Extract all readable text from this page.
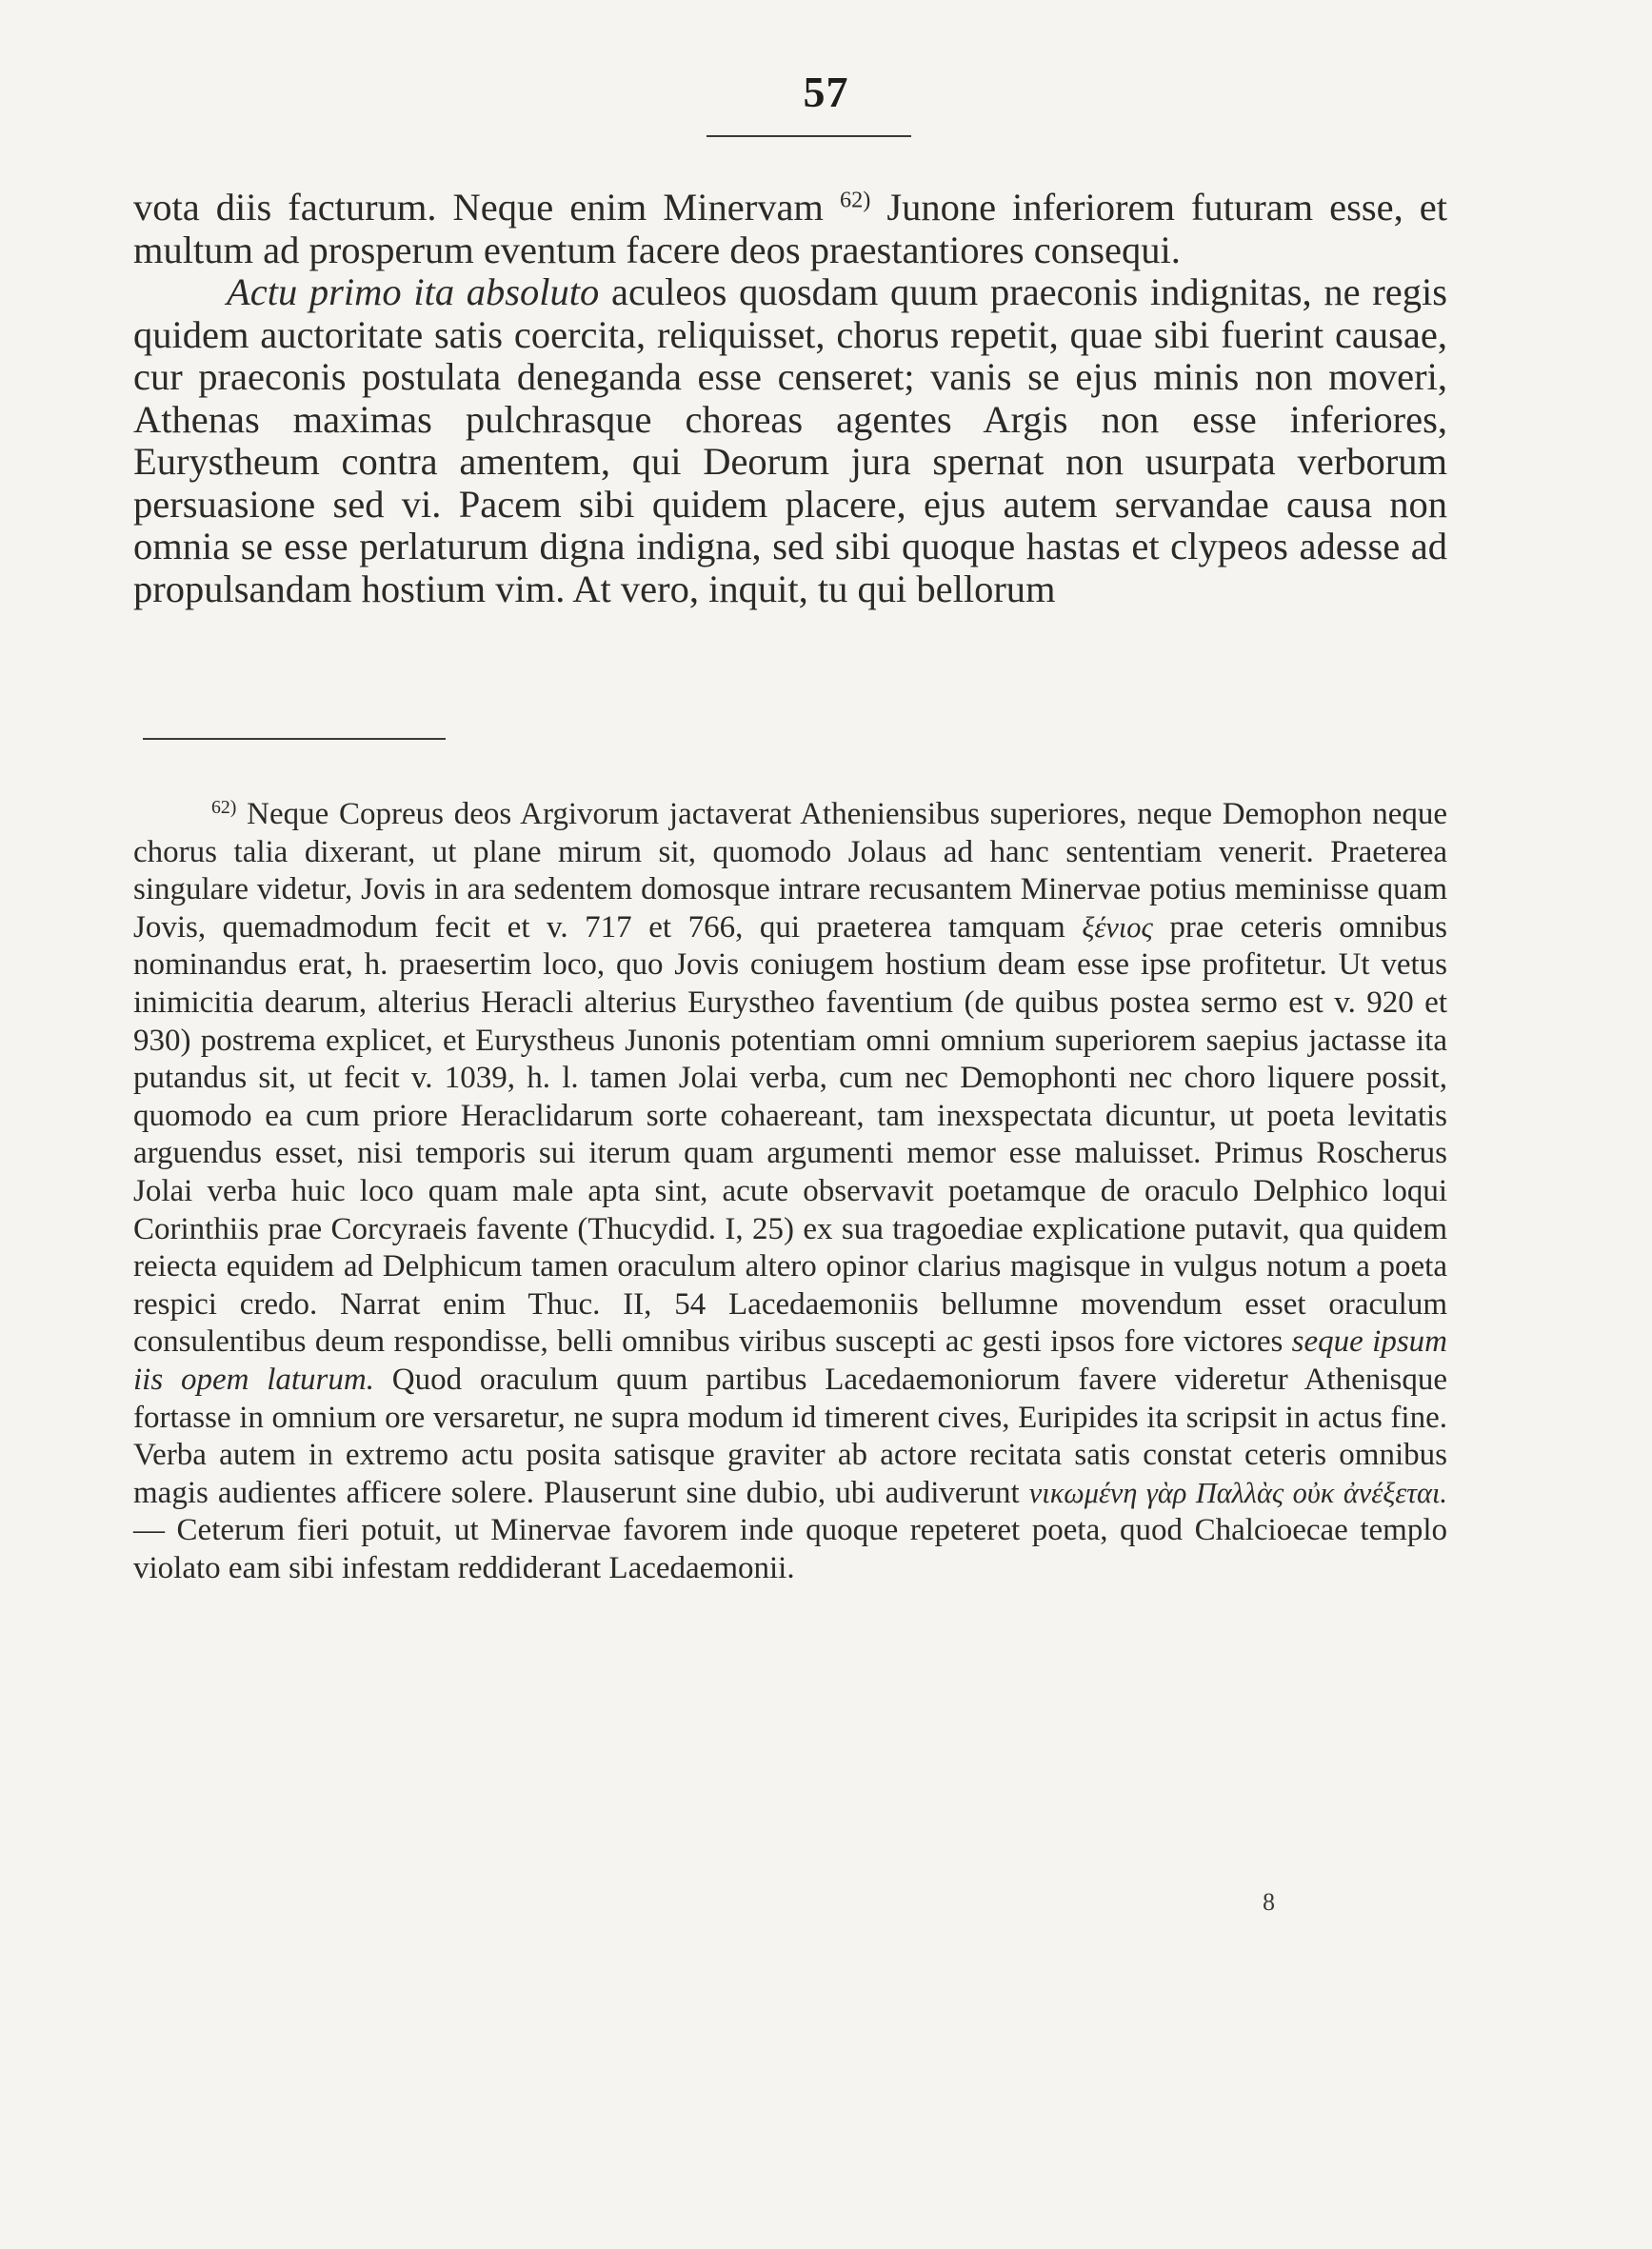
57

vota diis facturum. Neque enim Minervam $^{62)}$ Junone inferiorem futuram esse, et multum ad prosperum eventum facere deos praestantiores consequi.

Actu primo ita absoluto aculeos quosdam quum praeconis indignitas, ne regis quidem auctoritate satis coercita, reliquisset, chorus repetit, quae sibi fuerint causae, cur praeconis postulata deneganda esse censeret; vanis se ejus minis non moveri, Athenas maximas pulchrasque choreas agentes Argis non esse inferiores, Eurystheum contra amentem, qui Deorum jura spernat non usurpata verborum persuasione sed vi. Pacem sibi quidem placere, ejus autem servandae causa non omnia se esse perlaturum digna indigna, sed sibi quoque hastas et clypeos adesse ad propulsandam hostium vim. At vero, inquit, tu qui bellorum

$^{62)}$ Neque Copreus deos Argivorum jactaverat Atheniensibus superiores, neque Demophon neque chorus talia dixerant, ut plane mirum sit, quomodo Jolaus ad hanc sententiam venerit. Praeterea singulare videtur, Jovis in ara sedentem domosque intrare recusantem Minervae potius meminisse quam Jovis, quemadmodum fecit et v. 717 et 766, qui praeterea tamquam ξένιος prae ceteris omnibus nominandus erat, h. praesertim loco, quo Jovis coniugem hostium deam esse ipse profitetur. Ut vetus inimicitia dearum, alterius Heracli alterius Eurystheo faventium (de quibus postea sermo est v. 920 et 930) postrema explicet, et Eurystheus Junonis potentiam omni omnium superiorem saepius jactasse ita putandus sit, ut fecit v. 1039, h. l. tamen Jolai verba, cum nec Demophonti nec choro liquere possit, quomodo ea cum priore Heraclidarum sorte cohaereant, tam inexspectata dicuntur, ut poeta levitatis arguendus esset, nisi temporis sui iterum quam argumenti memor esse maluisset. Primus Roscherus Jolai verba huic loco quam male apta sint, acute observavit poetamque de oraculo Delphico loqui Corinthiis prae Corcyraeis favente (Thucydid. I, 25) ex sua tragoediae explicatione putavit, qua quidem reiecta equidem ad Delphicum tamen oraculum altero opinor clarius magisque in vulgus notum a poeta respici credo. Narrat enim Thuc. II, 54 Lacedaemoniis bellumne movendum esset oraculum consulentibus deum respondisse, belli omnibus viribus suscepti ac gesti ipsos fore victores seque ipsum iis opem laturum. Quod oraculum quum partibus Lacedaemoniorum favere videretur Athenisque fortasse in omnium ore versaretur, ne supra modum id timerent cives, Euripides ita scripsit in actus fine. Verba autem in extremo actu posita satisque graviter ab actore recitata satis constat ceteris omnibus magis audientes afficere solere. Plauserunt sine dubio, ubi audiverunt νικωμένη γὰρ Παλλὰς οὐκ ἀνέξεται. — Ceterum fieri potuit, ut Minervae favorem inde quoque repeteret poeta, quod Chalcioecae templo violato eam sibi infestam reddiderant Lacedaemonii.

8
